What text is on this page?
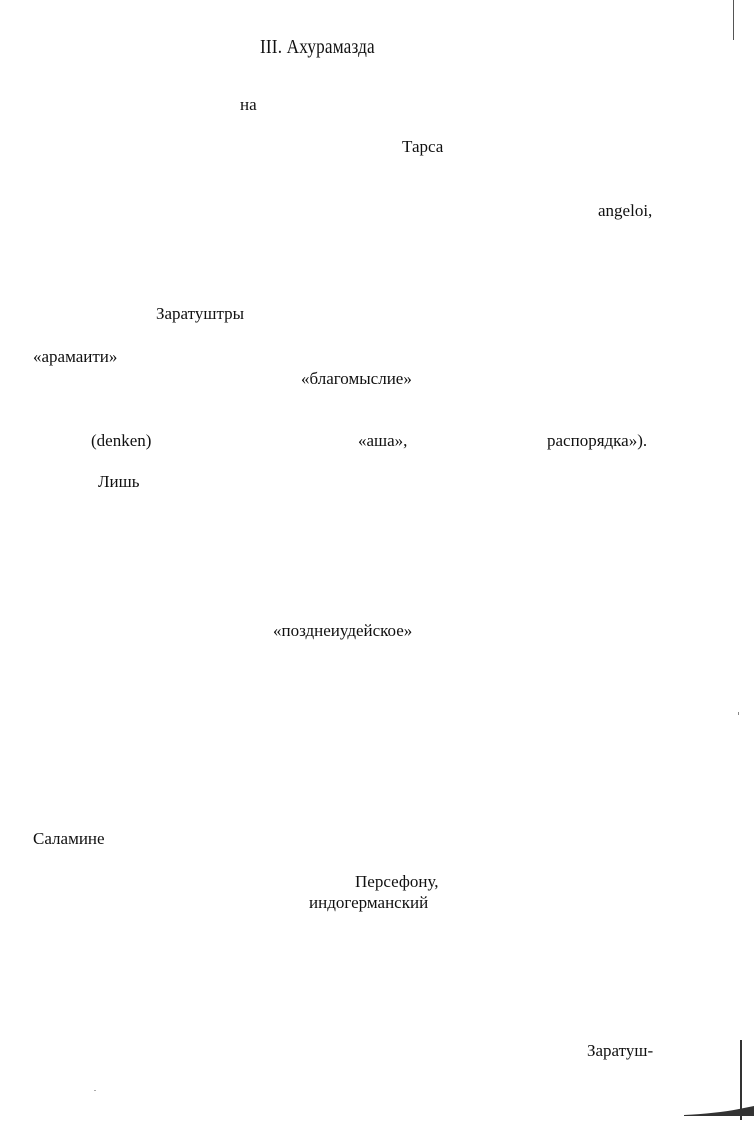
III. Ахурамазда
на
Тарса
angeloi,
Заратуштры
«арамаити»
«благомыслие»
(denken)	«аша»,	распорядка»).
Лишь
«позднеиудейское»
Саламине
Персефону,
индогерманский
Заратуш-
